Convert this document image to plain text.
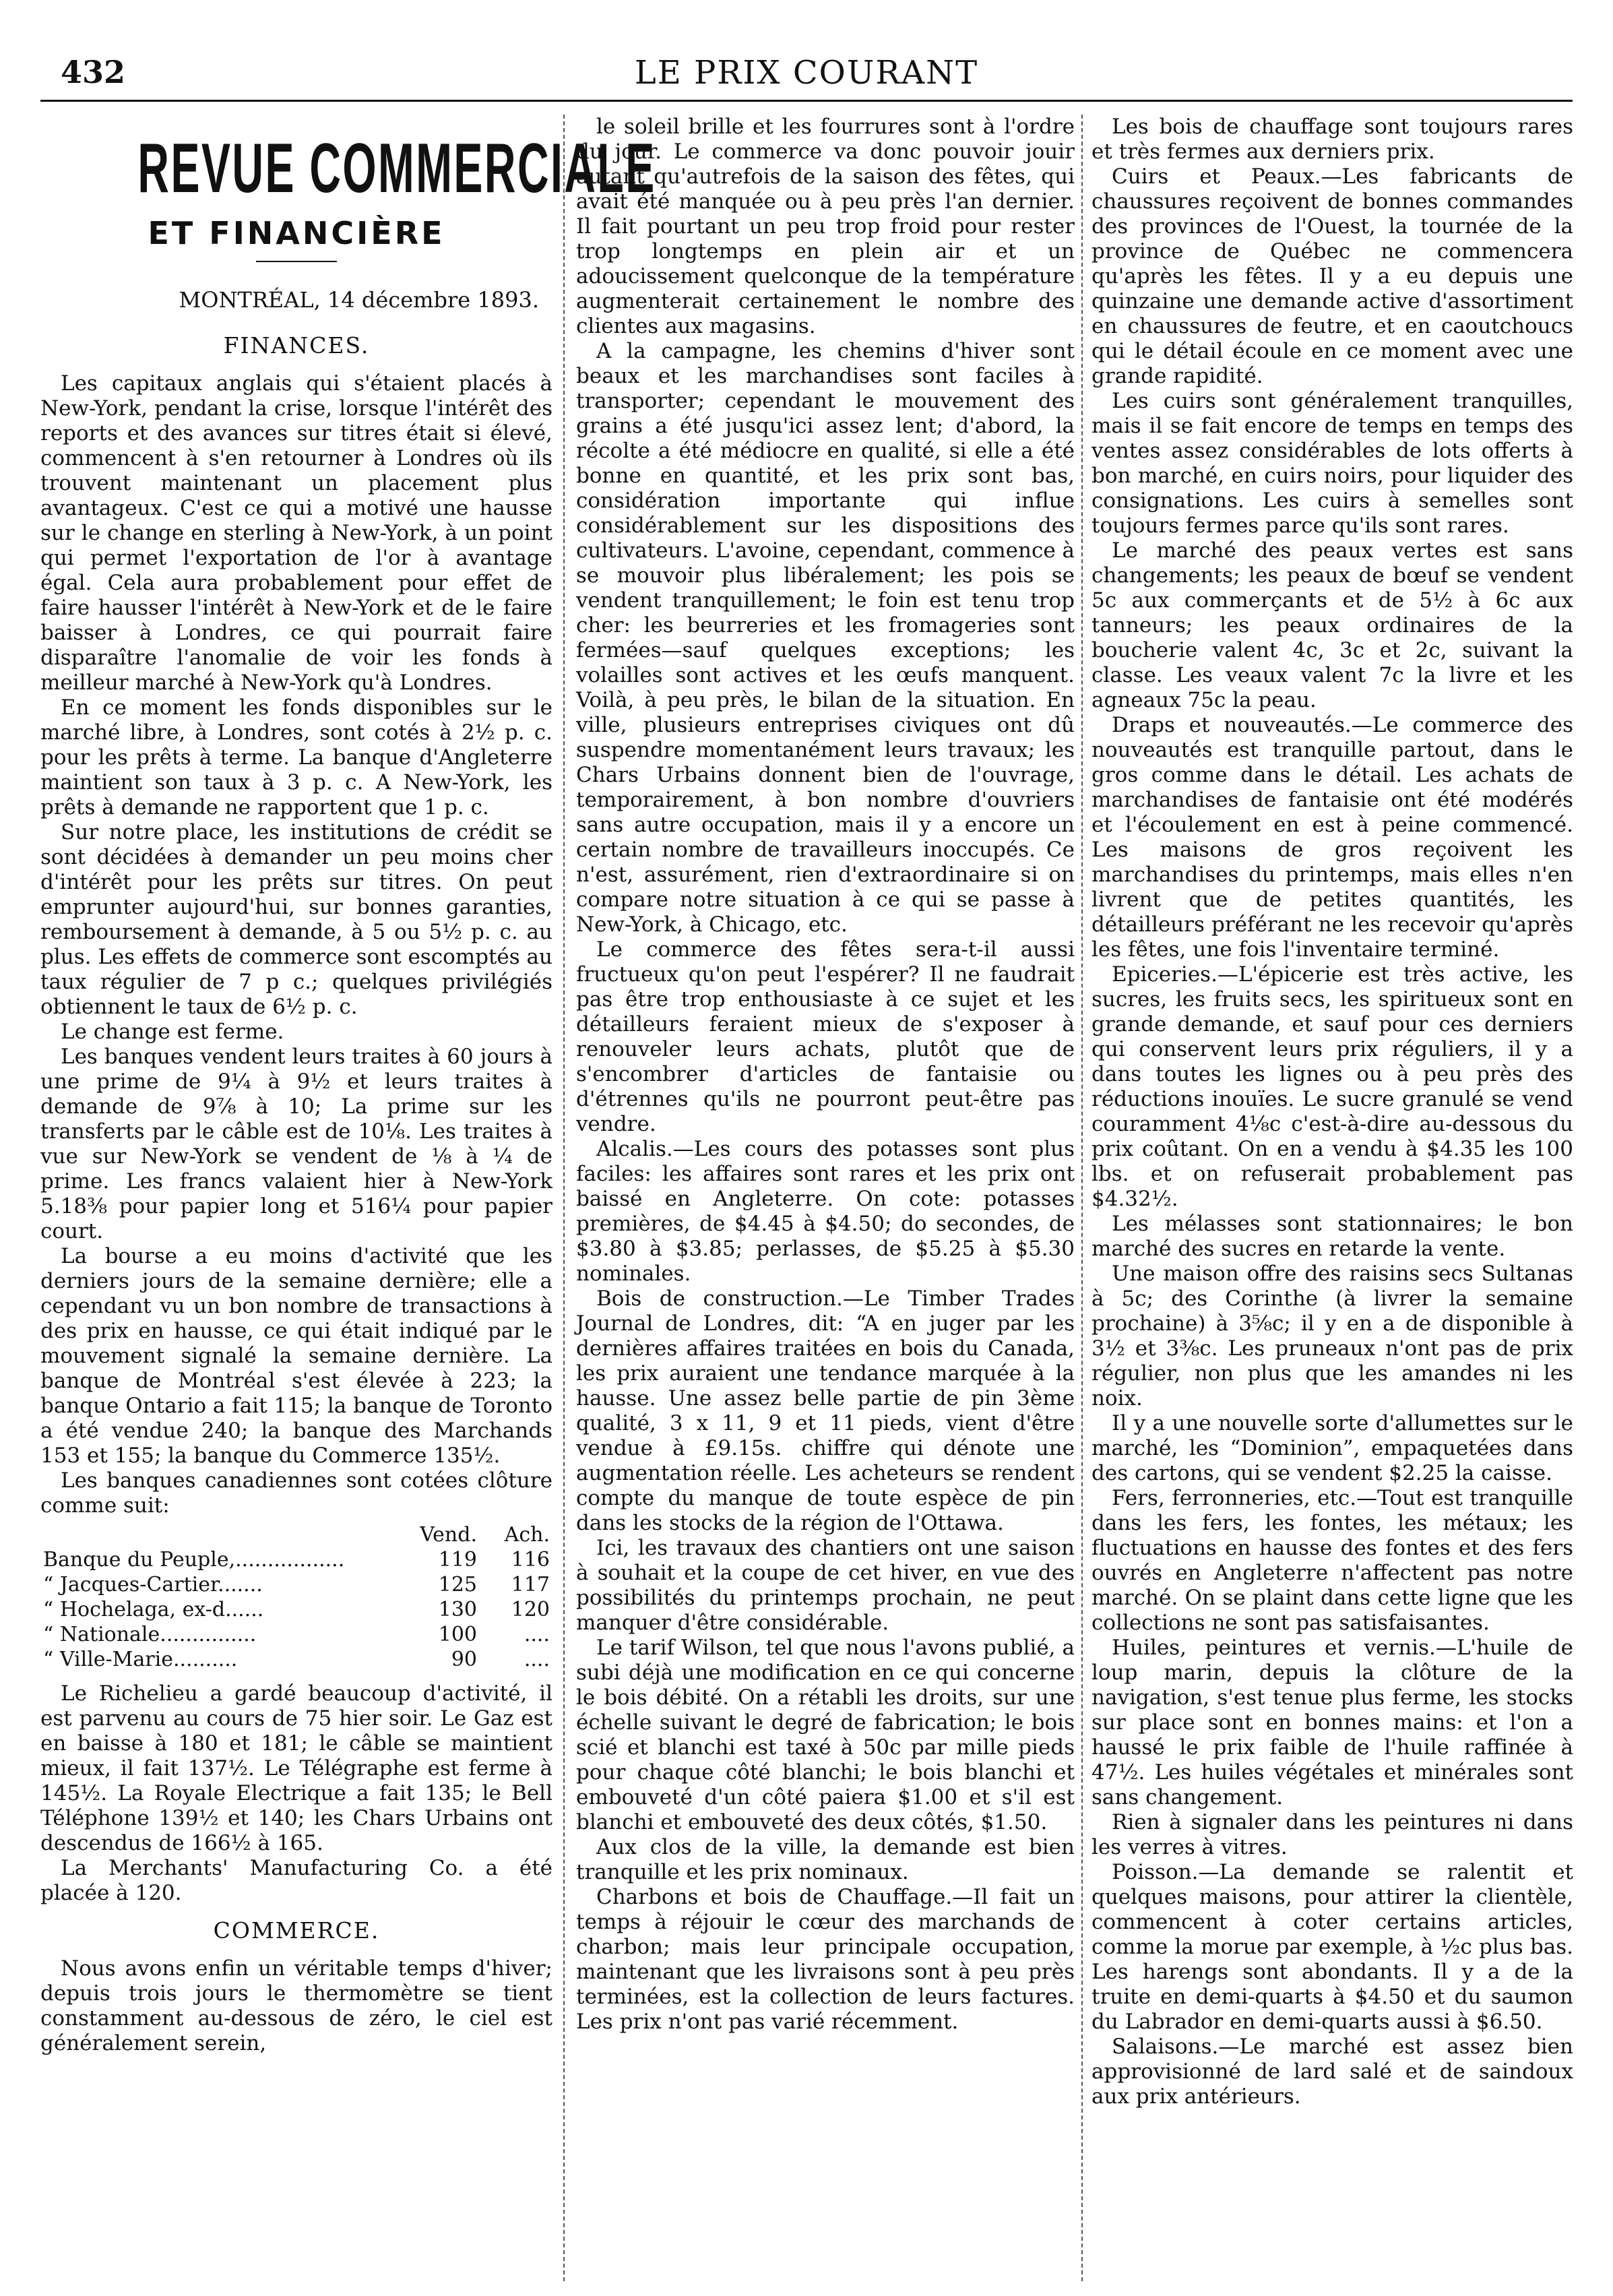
432	LE PRIX COURANT
REVUE COMMERCIALE
ET FINANCIÈRE
MONTRÉAL, 14 décembre 1893.
FINANCES.

Les capitaux anglais qui s'étaient placés à New-York, pendant la crise, lorsque l'intérêt des reports et des avances sur titres était si élevé, commencent à s'en retourner à Londres où ils trouvent maintenant un placement plus avantageux. C'est ce qui a motivé une hausse sur le change en sterling à New-York, à un point qui permet l'exportation de l'or à avantage égal. Cela aura probablement pour effet de faire hausser l'intérêt à New-York et de le faire baisser à Londres, ce qui pourrait faire disparaître l'anomalie de voir les fonds à meilleur marché à New-York qu'à Londres.

En ce moment les fonds disponibles sur le marché libre, à Londres, sont cotés à 2½ p. c. pour les prêts à terme. La banque d'Angleterre maintient son taux à 3 p. c. A New-York, les prêts à demande ne rapportent que 1 p. c.

Sur notre place, les institutions de crédit se sont décidées à demander un peu moins cher d'intérêt pour les prêts sur titres. On peut emprunter aujourd'hui, sur bonnes garanties, remboursement à demande, à 5 ou 5½ p. c. au plus. Les effets de commerce sont escomptés au taux régulier de 7 p c.; quelques privilégiés obtiennent le taux de 6½ p. c.

Le change est ferme.

Les banques vendent leurs traites à 60 jours à une prime de 9¼ à 9½ et leurs traites à demande de 9⅞ à 10; La prime sur les transferts par le câble est de 10⅛. Les traites à vue sur New-York se vendent de ⅛ à ¼ de prime. Les francs valaient hier à New-York 5.18⅜ pour papier long et 516¼ pour papier court.

La bourse a eu moins d'activité que les derniers jours de la semaine dernière; elle a cependant vu un bon nombre de transactions à des prix en hausse, ce qui était indiqué par le mouvement signalé la semaine dernière. La banque de Montréal s'est élevée à 223; la banque Ontario a fait 115; la banque de Toronto a été vendue 240; la banque des Marchands 153 et 155; la banque du Commerce 135½.

Les banques canadiennes sont cotées clôture comme suit:

	Vend.	Ach.
Banque du Peuple,.................	119	116
“ Jacques-Cartier.......	125	117
“ Hochelaga, ex-d......	130	120
“ Nationale...............	100	....
“ Ville-Marie..........	90	....

Le Richelieu a gardé beaucoup d'activité, il est parvenu au cours de 75 hier soir. Le Gaz est en baisse à 180 et 181; le câble se maintient mieux, il fait 137½. Le Télégraphe est ferme à 145½. La Royale Electrique a fait 135; le Bell Téléphone 139½ et 140; les Chars Urbains ont descendus de 166½ à 165.

La Merchants' Manufacturing Co. a été placée à 120.

COMMERCE.

Nous avons enfin un véritable temps d'hiver; depuis trois jours le thermomètre se tient constamment au-dessous de zéro, le ciel est généralement serein,

le soleil brille et les fourrures sont à l'ordre du jour. Le commerce va donc pouvoir jouir autant qu'autrefois de la saison des fêtes, qui avait été manquée ou à peu près l'an dernier. Il fait pourtant un peu trop froid pour rester trop longtemps en plein air et un adoucissement quelconque de la température augmenterait certainement le nombre des clientes aux magasins.

A la campagne, les chemins d'hiver sont beaux et les marchandises sont faciles à transporter; cependant le mouvement des grains a été jusqu'ici assez lent; d'abord, la récolte a été médiocre en qualité, si elle a été bonne en quantité, et les prix sont bas, considération importante qui influe considérablement sur les dispositions des cultivateurs. L'avoine, cependant, commence à se mouvoir plus libéralement; les pois se vendent tranquillement; le foin est tenu trop cher: les beurreries et les fromageries sont fermées—sauf quelques exceptions; les volailles sont actives et les œufs manquent. Voilà, à peu près, le bilan de la situation. En ville, plusieurs entreprises civiques ont dû suspendre momentanément leurs travaux; les Chars Urbains donnent bien de l'ouvrage, temporairement, à bon nombre d'ouvriers sans autre occupation, mais il y a encore un certain nombre de travailleurs inoccupés. Ce n'est, assurément, rien d'extraordinaire si on compare notre situation à ce qui se passe à New-York, à Chicago, etc.

Le commerce des fêtes sera-t-il aussi fructueux qu'on peut l'espérer? Il ne faudrait pas être trop enthousiaste à ce sujet et les détailleurs feraient mieux de s'exposer à renouveler leurs achats, plutôt que de s'encombrer d'articles de fantaisie ou d'étrennes qu'ils ne pourront peut-être pas vendre.

Alcalis.—Les cours des potasses sont plus faciles: les affaires sont rares et les prix ont baissé en Angleterre. On cote: potasses premières, de $4.45 à $4.50; do secondes, de $3.80 à $3.85; perlasses, de $5.25 à $5.30 nominales.

Bois de construction.—Le Timber Trades Journal de Londres, dit: “A en juger par les dernières affaires traitées en bois du Canada, les prix auraient une tendance marquée à la hausse. Une assez belle partie de pin 3ème qualité, 3 x 11, 9 et 11 pieds, vient d'être vendue à £9.15s. chiffre qui dénote une augmentation réelle. Les acheteurs se rendent compte du manque de toute espèce de pin dans les stocks de la région de l'Ottawa.

Ici, les travaux des chantiers ont une saison à souhait et la coupe de cet hiver, en vue des possibilités du printemps prochain, ne peut manquer d'être considérable.

Le tarif Wilson, tel que nous l'avons publié, a subi déjà une modification en ce qui concerne le bois débité. On a rétabli les droits, sur une échelle suivant le degré de fabrication; le bois scié et blanchi est taxé à 50c par mille pieds pour chaque côté blanchi; le bois blanchi et embouveté d'un côté paiera $1.00 et s'il est blanchi et embouveté des deux côtés, $1.50.

Aux clos de la ville, la demande est bien tranquille et les prix nominaux.

Charbons et bois de Chauffage.—Il fait un temps à réjouir le cœur des marchands de charbon; mais leur principale occupation, maintenant que les livraisons sont à peu près terminées, est la collection de leurs factures. Les prix n'ont pas varié récemment.

Les bois de chauffage sont toujours rares et très fermes aux derniers prix.

Cuirs et Peaux.—Les fabricants de chaussures reçoivent de bonnes commandes des provinces de l'Ouest, la tournée de la province de Québec ne commencera qu'après les fêtes. Il y a eu depuis une quinzaine une demande active d'assortiment en chaussures de feutre, et en caoutchoucs qui le détail écoule en ce moment avec une grande rapidité.

Les cuirs sont généralement tranquilles, mais il se fait encore de temps en temps des ventes assez considérables de lots offerts à bon marché, en cuirs noirs, pour liquider des consignations. Les cuirs à semelles sont toujours fermes parce qu'ils sont rares.

Le marché des peaux vertes est sans changements; les peaux de bœuf se vendent 5c aux commerçants et de 5½ à 6c aux tanneurs; les peaux ordinaires de la boucherie valent 4c, 3c et 2c, suivant la classe. Les veaux valent 7c la livre et les agneaux 75c la peau.

Draps et nouveautés.—Le commerce des nouveautés est tranquille partout, dans le gros comme dans le détail. Les achats de marchandises de fantaisie ont été modérés et l'écoulement en est à peine commencé. Les maisons de gros reçoivent les marchandises du printemps, mais elles n'en livrent que de petites quantités, les détailleurs préférant ne les recevoir qu'après les fêtes, une fois l'inventaire terminé.

Epiceries.—L'épicerie est très active, les sucres, les fruits secs, les spiritueux sont en grande demande, et sauf pour ces derniers qui conservent leurs prix réguliers, il y a dans toutes les lignes ou à peu près des réductions inouïes. Le sucre granulé se vend couramment 4⅛c c'est-à-dire au-dessous du prix coûtant. On en a vendu à $4.35 les 100 lbs. et on refuserait probablement pas $4.32½.

Les mélasses sont stationnaires; le bon marché des sucres en retarde la vente.

Une maison offre des raisins secs Sultanas à 5c; des Corinthe (à livrer la semaine prochaine) à 3⅝c; il y en a de disponible à 3½ et 3⅜c. Les pruneaux n'ont pas de prix régulier, non plus que les amandes ni les noix.

Il y a une nouvelle sorte d'allumettes sur le marché, les “Dominion”, empaquetées dans des cartons, qui se vendent $2.25 la caisse.

Fers, ferronneries, etc.—Tout est tranquille dans les fers, les fontes, les métaux; les fluctuations en hausse des fontes et des fers ouvrés en Angleterre n'affectent pas notre marché. On se plaint dans cette ligne que les collections ne sont pas satisfaisantes.

Huiles, peintures et vernis.—L'huile de loup marin, depuis la clôture de la navigation, s'est tenue plus ferme, les stocks sur place sont en bonnes mains: et l'on a haussé le prix faible de l'huile raffinée à 47½. Les huiles végétales et minérales sont sans changement.

Rien à signaler dans les peintures ni dans les verres à vitres.

Poisson.—La demande se ralentit et quelques maisons, pour attirer la clientèle, commencent à coter certains articles, comme la morue par exemple, à ½c plus bas. Les harengs sont abondants. Il y a de la truite en demi-quarts à $4.50 et du saumon du Labrador en demi-quarts aussi à $6.50.

Salaisons.—Le marché est assez bien approvisionné de lard salé et de saindoux aux prix antérieurs.
